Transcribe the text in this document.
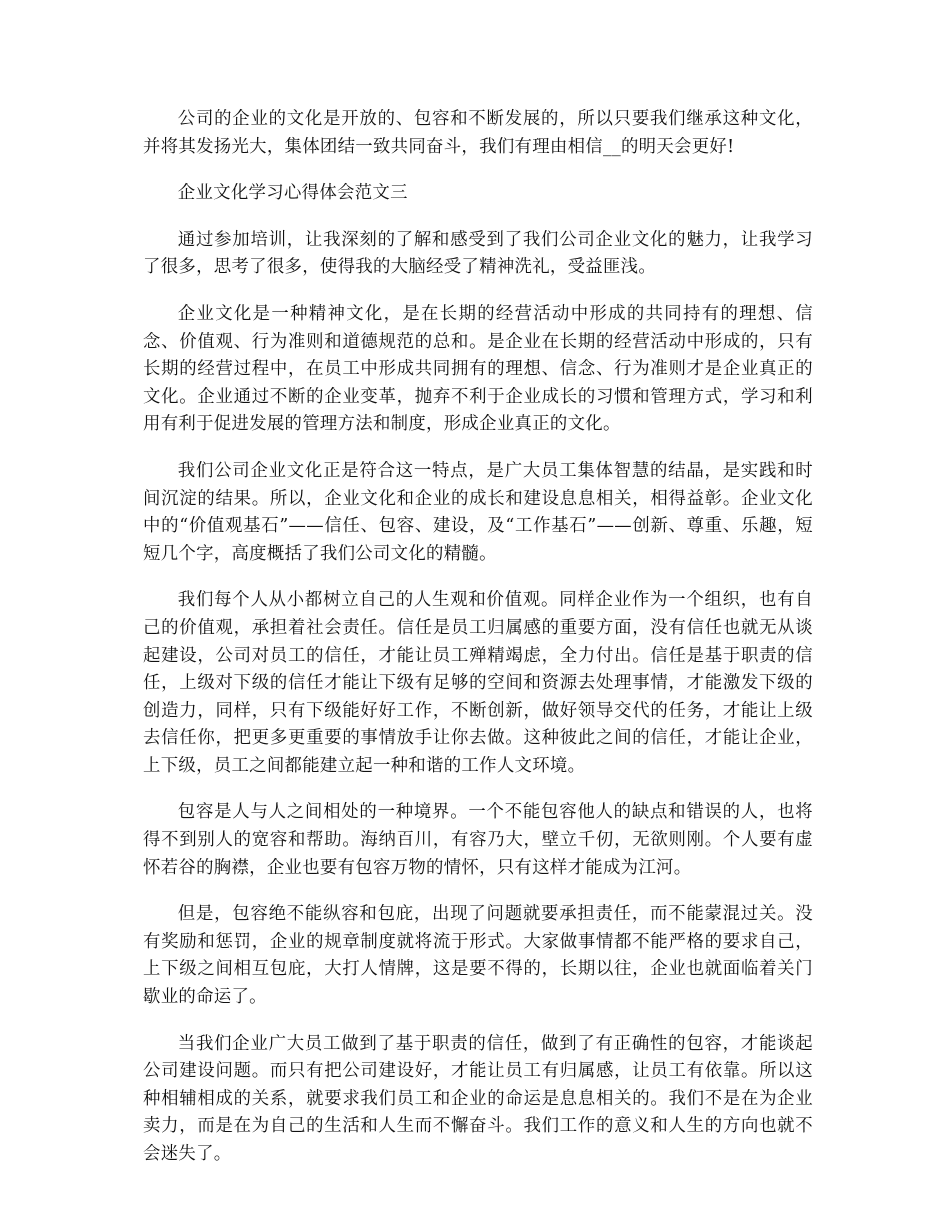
公司的企业的文化是开放的、包容和不断发展的，所以只要我们继承这种文化，并将其发扬光大，集体团结一致共同奋斗，我们有理由相信__的明天会更好!

企业文化学习心得体会范文三

通过参加培训，让我深刻的了解和感受到了我们公司企业文化的魅力，让我学习了很多，思考了很多，使得我的大脑经受了精神洗礼，受益匪浅。

企业文化是一种精神文化，是在长期的经营活动中形成的共同持有的理想、信念、价值观、行为准则和道德规范的总和。是企业在长期的经营活动中形成的，只有长期的经营过程中，在员工中形成共同拥有的理想、信念、行为准则才是企业真正的文化。企业通过不断的企业变革，抛弃不利于企业成长的习惯和管理方式，学习和利用有利于促进发展的管理方法和制度，形成企业真正的文化。

我们公司企业文化正是符合这一特点，是广大员工集体智慧的结晶，是实践和时间沉淀的结果。所以，企业文化和企业的成长和建设息息相关，相得益彰。企业文化中的“价值观基石”——信任、包容、建设，及“工作基石”——创新、尊重、乐趣，短短几个字，高度概括了我们公司文化的精髓。

我们每个人从小都树立自己的人生观和价值观。同样企业作为一个组织，也有自己的价值观，承担着社会责任。信任是员工归属感的重要方面，没有信任也就无从谈起建设，公司对员工的信任，才能让员工殚精竭虑，全力付出。信任是基于职责的信任，上级对下级的信任才能让下级有足够的空间和资源去处理事情，才能激发下级的创造力，同样，只有下级能好好工作，不断创新，做好领导交代的任务，才能让上级去信任你，把更多更重要的事情放手让你去做。这种彼此之间的信任，才能让企业，上下级，员工之间都能建立起一种和谐的工作人文环境。

包容是人与人之间相处的一种境界。一个不能包容他人的缺点和错误的人，也将得不到别人的宽容和帮助。海纳百川，有容乃大，壁立千仞，无欲则刚。个人要有虚怀若谷的胸襟，企业也要有包容万物的情怀，只有这样才能成为江河。

但是，包容绝不能纵容和包庇，出现了问题就要承担责任，而不能蒙混过关。没有奖励和惩罚，企业的规章制度就将流于形式。大家做事情都不能严格的要求自己，上下级之间相互包庇，大打人情牌，这是要不得的，长期以往，企业也就面临着关门歇业的命运了。

当我们企业广大员工做到了基于职责的信任，做到了有正确性的包容，才能谈起公司建设问题。而只有把公司建设好，才能让员工有归属感，让员工有依靠。所以这种相辅相成的关系，就要求我们员工和企业的命运是息息相关的。我们不是在为企业卖力，而是在为自己的生活和人生而不懈奋斗。我们工作的意义和人生的方向也就不会迷失了。
